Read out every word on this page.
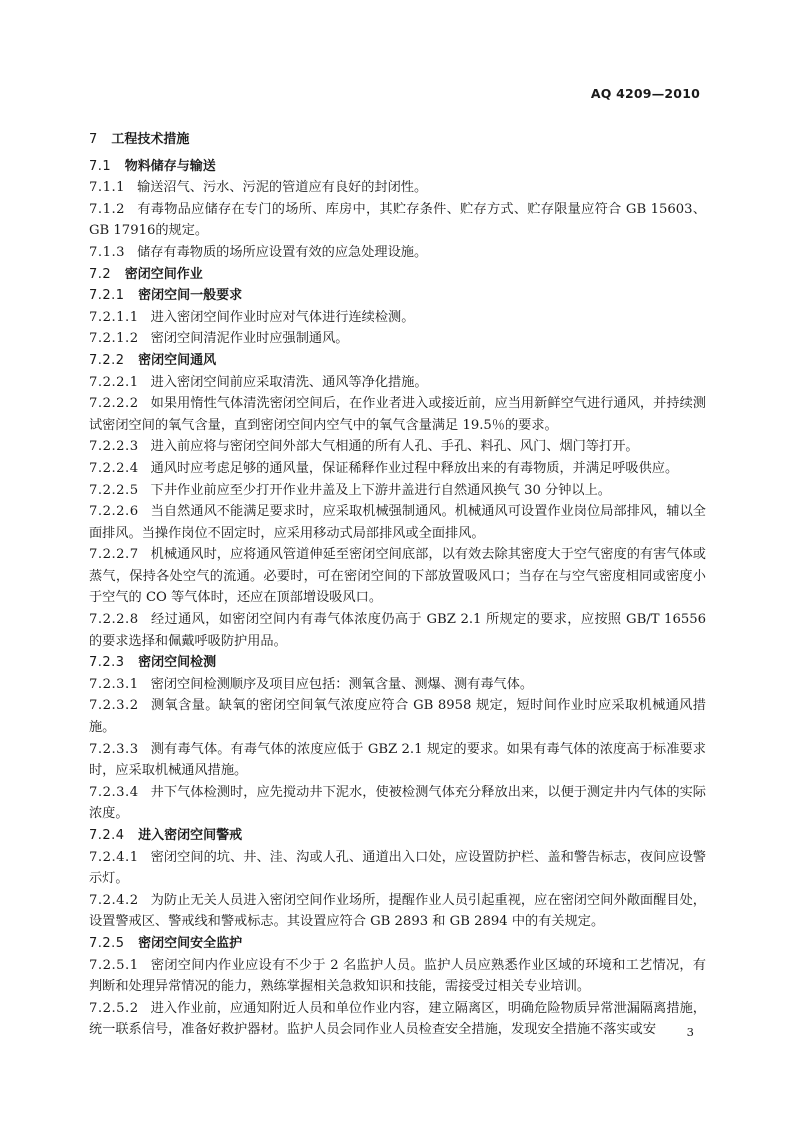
AQ 4209—2010
7 工程技术措施
7.1 物料储存与输送
7.1.1 输送沼气、污水、污泥的管道应有良好的封闭性。
7.1.2 有毒物品应储存在专门的场所、库房中，其贮存条件、贮存方式、贮存限量应符合 GB 15603、GB 17916的规定。
7.1.3 储存有毒物质的场所应设置有效的应急处理设施。
7.2 密闭空间作业
7.2.1 密闭空间一般要求
7.2.1.1 进入密闭空间作业时应对气体进行连续检测。
7.2.1.2 密闭空间清泥作业时应强制通风。
7.2.2 密闭空间通风
7.2.2.1 进入密闭空间前应采取清洗、通风等净化措施。
7.2.2.2 如果用惰性气体清洗密闭空间后，在作业者进入或接近前，应当用新鲜空气进行通风，并持续测试密闭空间的氧气含量，直到密闭空间内空气中的氧气含量满足 19.5％的要求。
7.2.2.3 进入前应将与密闭空间外部大气相通的所有人孔、手孔、料孔、风门、烟门等打开。
7.2.2.4 通风时应考虑足够的通风量，保证稀释作业过程中释放出来的有毒物质，并满足呼吸供应。
7.2.2.5 下井作业前应至少打开作业井盖及上下游井盖进行自然通风换气 30 分钟以上。
7.2.2.6 当自然通风不能满足要求时，应采取机械强制通风。机械通风可设置作业岗位局部排风，辅以全面排风。当操作岗位不固定时，应采用移动式局部排风或全面排风。
7.2.2.7 机械通风时，应将通风管道伸延至密闭空间底部，以有效去除其密度大于空气密度的有害气体或蒸气，保持各处空气的流通。必要时，可在密闭空间的下部放置吸风口；当存在与空气密度相同或密度小于空气的 CO 等气体时，还应在顶部增设吸风口。
7.2.2.8 经过通风，如密闭空间内有毒气体浓度仍高于 GBZ 2.1 所规定的要求，应按照 GB/T 16556 的要求选择和佩戴呼吸防护用品。
7.2.3 密闭空间检测
7.2.3.1 密闭空间检测顺序及项目应包括：测氧含量、测爆、测有毒气体。
7.2.3.2 测氧含量。缺氧的密闭空间氧气浓度应符合 GB 8958 规定，短时间作业时应采取机械通风措施。
7.2.3.3 测有毒气体。有毒气体的浓度应低于 GBZ 2.1 规定的要求。如果有毒气体的浓度高于标准要求时，应采取机械通风措施。
7.2.3.4 井下气体检测时，应先搅动井下泥水，使被检测气体充分释放出来，以便于测定井内气体的实际浓度。
7.2.4 进入密闭空间警戒
7.2.4.1 密闭空间的坑、井、洼、沟或人孔、通道出入口处，应设置防护栏、盖和警告标志，夜间应设警示灯。
7.2.4.2 为防止无关人员进入密闭空间作业场所，提醒作业人员引起重视，应在密闭空间外敞面醒目处，设置警戒区、警戒线和警戒标志。其设置应符合 GB 2893 和 GB 2894 中的有关规定。
7.2.5 密闭空间安全监护
7.2.5.1 密闭空间内作业应设有不少于 2 名监护人员。监护人员应熟悉作业区域的环境和工艺情况，有判断和处理异常情况的能力，熟练掌握相关急救知识和技能，需接受过相关专业培训。
7.2.5.2 进入作业前，应通知附近人员和单位作业内容，建立隔离区，明确危险物质异常泄漏隔离措施，统一联系信号，准备好救护器材。监护人员会同作业人员检查安全措施，发现安全措施不落实或安	3
